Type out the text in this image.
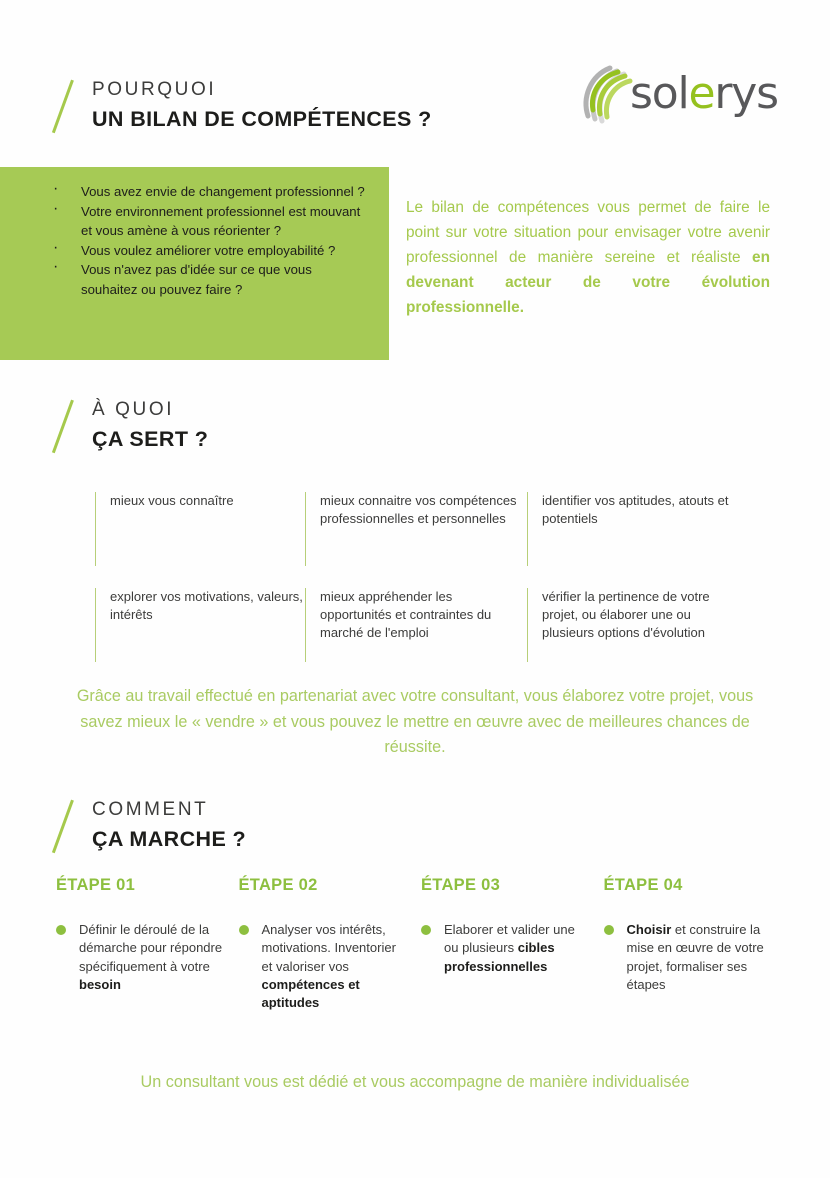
POURQUOI
UN BILAN DE COMPÉTENCES ?	solerys
· Vous avez envie de changement professionnel ?
· Votre environnement professionnel est mouvant et vous amène à vous réorienter ?
· Vous voulez améliorer votre employabilité ?
· Vous n'avez pas d'idée sur ce que vous souhaitez ou pouvez faire ?
Le bilan de compétences vous permet de faire le point sur votre situation pour envisager votre avenir professionnel de manière sereine et réaliste en devenant acteur de votre évolution professionnelle.
À QUOI
ÇA SERT ?
mieux vous connaître	mieux connaitre vos compétences professionnelles et personnelles
identifier vos aptitudes, atouts et potentiels
explorer vos motivations, valeurs, intérêts
mieux appréhender les opportunités et contraintes du marché de l'emploi
vérifier la pertinence de votre projet, ou élaborer une ou plusieurs options d'évolution
Grâce au travail effectué en partenariat avec votre consultant, vous élaborez votre projet, vous savez mieux le « vendre » et vous pouvez le mettre en œuvre avec de meilleures chances de réussite.
COMMENT
ÇA MARCHE ?
ÉTAPE 01
Définir le déroulé de la démarche pour répondre spécifiquement à votre besoin
ÉTAPE 02
Analyser vos intérêts, motivations. Inventorier et valoriser vos compétences et aptitudes
ÉTAPE 03
Elaborer et valider une ou plusieurs cibles professionnelles
ÉTAPE 04
Choisir et construire la mise en œuvre de votre projet, formaliser ses étapes
Un consultant vous est dédié et vous accompagne de manière individualisée
